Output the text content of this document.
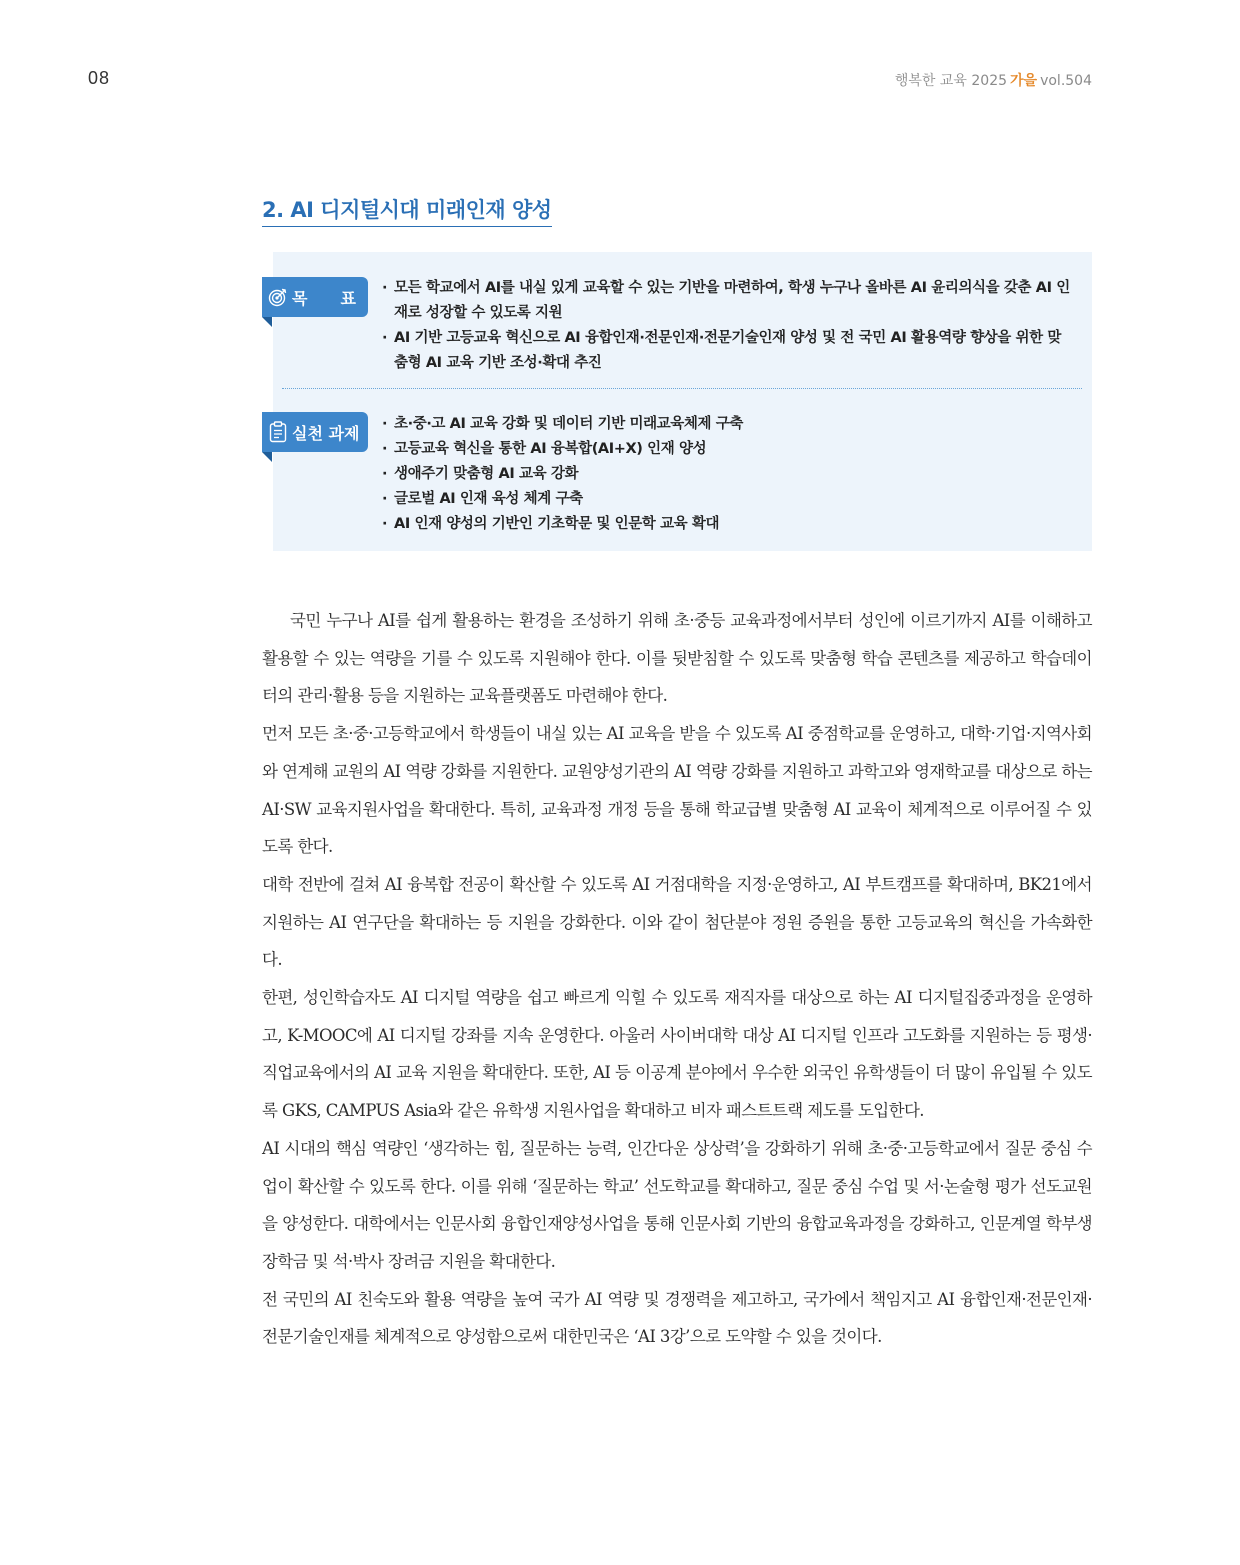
08	행복한 교육 2025 가을 vol.504
2. AI 디지털시대 미래인재 양성
목 표
· 모든 학교에서 AI를 내실 있게 교육할 수 있는 기반을 마련하여, 학생 누구나 올바른 AI 윤리의식을 갖춘 AI 인재로 성장할 수 있도록 지원
· AI 기반 고등교육 혁신으로 AI 융합인재·전문인재·전문기술인재 양성 및 전 국민 AI 활용역량 향상을 위한 맞춤형 AI 교육 기반 조성·확대 추진
실천 과제
·	초·중·고 AI 교육 강화 및 데이터 기반 미래교육체제 구축
· 고등교육 혁신을 통한 AI 융복합(AI+X) 인재 양성
· 생애주기 맞춤형 AI 교육 강화
· 글로벌 AI 인재 육성 체계 구축
· AI 인재 양성의 기반인 기초학문 및 인문학 교육 확대

국민 누구나 AI를 쉽게 활용하는 환경을 조성하기 위해 초·중등 교육과정에서부터 성인에 이르기까지 AI를 이해하고 활용할 수 있는 역량을 기를 수 있도록 지원해야 한다. 이를 뒷받침할 수 있도록 맞춤형 학습 콘텐츠를 제공하고 학습데이터의 관리·활용 등을 지원하는 교육플랫폼도 마련해야 한다.

먼저 모든 초·중·고등학교에서 학생들이 내실 있는 AI 교육을 받을 수 있도록 AI 중점학교를 운영하고, 대학·기업·지역사회와 연계해 교원의 AI 역량 강화를 지원한다. 교원양성기관의 AI 역량 강화를 지원하고 과학고와 영재학교를 대상으로 하는 AI·SW 교육지원사업을 확대한다. 특히, 교육과정 개정 등을 통해 학교급별 맞춤형 AI 교육이 체계적으로 이루어질 수 있도록 한다.

대학 전반에 걸쳐 AI 융복합 전공이 확산할 수 있도록 AI 거점대학을 지정·운영하고, AI 부트캠프를 확대하며, BK21에서 지원하는 AI 연구단을 확대하는 등 지원을 강화한다. 이와 같이 첨단분야 정원 증원을 통한 고등교육의 혁신을 가속화한다.

한편, 성인학습자도 AI 디지털 역량을 쉽고 빠르게 익힐 수 있도록 재직자를 대상으로 하는 AI 디지털집중과정을 운영하고, K-MOOC에 AI 디지털 강좌를 지속 운영한다. 아울러 사이버대학 대상 AI 디지털 인프라 고도화를 지원하는 등 평생·직업교육에서의 AI 교육 지원을 확대한다. 또한, AI 등 이공계 분야에서 우수한 외국인 유학생들이 더 많이 유입될 수 있도록 GKS, CAMPUS Asia와 같은 유학생 지원사업을 확대하고 비자 패스트트랙 제도를 도입한다.

AI 시대의 핵심 역량인 ‘생각하는 힘, 질문하는 능력, 인간다운 상상력’을 강화하기 위해 초·중·고등학교에서 질문 중심 수업이 확산할 수 있도록 한다. 이를 위해 ‘질문하는 학교’ 선도학교를 확대하고, 질문 중심 수업 및 서·논술형 평가 선도교원을 양성한다. 대학에서는 인문사회 융합인재양성사업을 통해 인문사회 기반의 융합교육과정을 강화하고, 인문계열 학부생 장학금 및 석·박사 장려금 지원을 확대한다.

전 국민의 AI 친숙도와 활용 역량을 높여 국가 AI 역량 및 경쟁력을 제고하고, 국가에서 책임지고 AI 융합인재·전문인재·전문기술인재를 체계적으로 양성함으로써 대한민국은 ‘AI 3강’으로 도약할 수 있을 것이다.
